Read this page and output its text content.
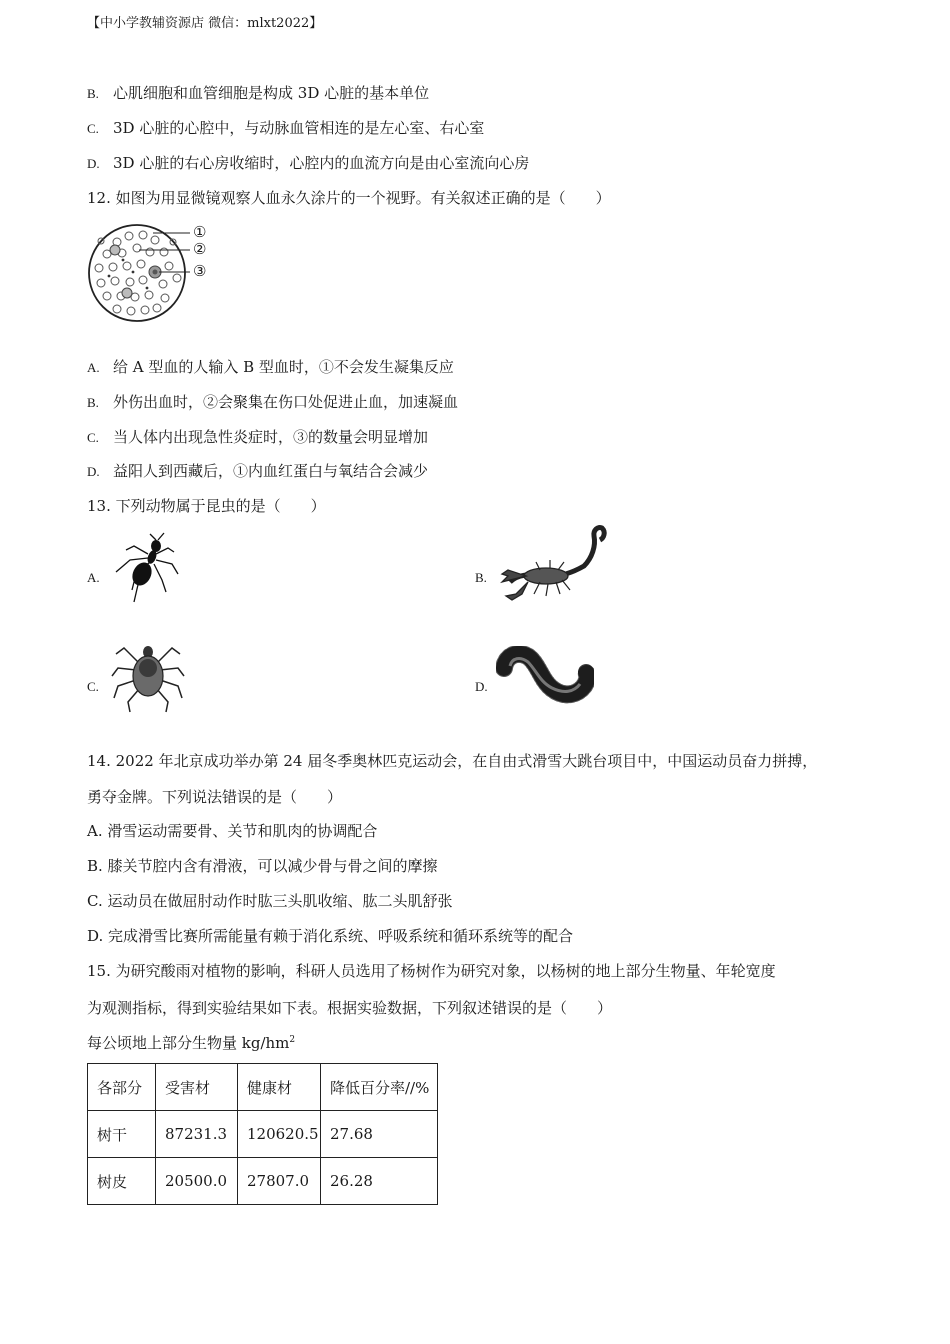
【中小学教辅资源店 微信：mlxt2022】
B. 心肌细胞和血管细胞是构成 3D 心脏的基本单位
C. 3D 心脏的心腔中，与动脉血管相连的是左心室、右心室
D. 3D 心脏的右心房收缩时，心腔内的血流方向是由心室流向心房
12. 如图为用显微镜观察人血永久涂片的一个视野。有关叙述正确的是（　　）
①
②
③
A. 给 A 型血的人输入 B 型血时，①不会发生凝集反应
B. 外伤出血时，②会聚集在伤口处促进止血，加速凝血
C. 当人体内出现急性炎症时，③的数量会明显增加
D. 益阳人到西藏后，①内血红蛋白与氧结合会减少
13. 下列动物属于昆虫的是（　　）
A.	B.
C.	D.
14. 2022 年北京成功举办第 24 届冬季奥林匹克运动会，在自由式滑雪大跳台项目中，中国运动员奋力拼搏，
勇夺金牌。下列说法错误的是（　　）
A. 滑雪运动需要骨、关节和肌肉的协调配合
B. 膝关节腔内含有滑液，可以减少骨与骨之间的摩擦
C. 运动员在做屈肘动作时肱三头肌收缩、肱二头肌舒张
D. 完成滑雪比赛所需能量有赖于消化系统、呼吸系统和循环系统等的配合
15. 为研究酸雨对植物的影响，科研人员选用了杨树作为研究对象，以杨树的地上部分生物量、年轮宽度
为观测指标，得到实验结果如下表。根据实验数据，下列叙述错误的是（　　）
每公顷地上部分生物量 $kg/hm^2$
各部分	受害材	健康材	降低百分率//%
树干	87231.3	120620.5	27.68
树皮	20500.0	27807.0	26.28
